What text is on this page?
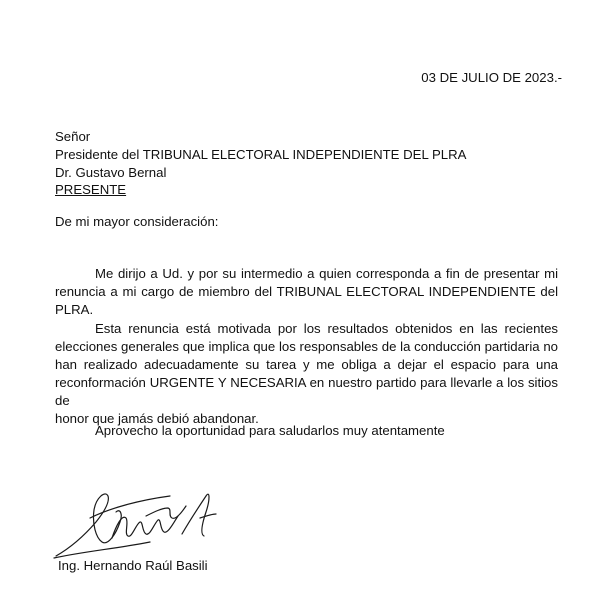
03 DE JULIO DE 2023.-
Señor
Presidente del TRIBUNAL ELECTORAL INDEPENDIENTE DEL PLRA
Dr. Gustavo Bernal
PRESENTE
De mi mayor consideración:
Me dirijo a Ud. y por su intermedio a quien corresponda a fin de presentar mi
renuncia a mi cargo de miembro del TRIBUNAL ELECTORAL INDEPENDIENTE del PLRA.
Esta renuncia está motivada por los resultados obtenidos en las recientes
elecciones generales que implica que los responsables de la conducción partidaria no
han realizado adecuadamente su tarea y me obliga a dejar el espacio para una
reconformación URGENTE Y NECESARIA en nuestro partido para llevarle a los sitios de
honor que jamás debió abandonar.
Aprovecho la oportunidad para saludarlos muy atentamente
Ing. Hernando Raúl Basili
